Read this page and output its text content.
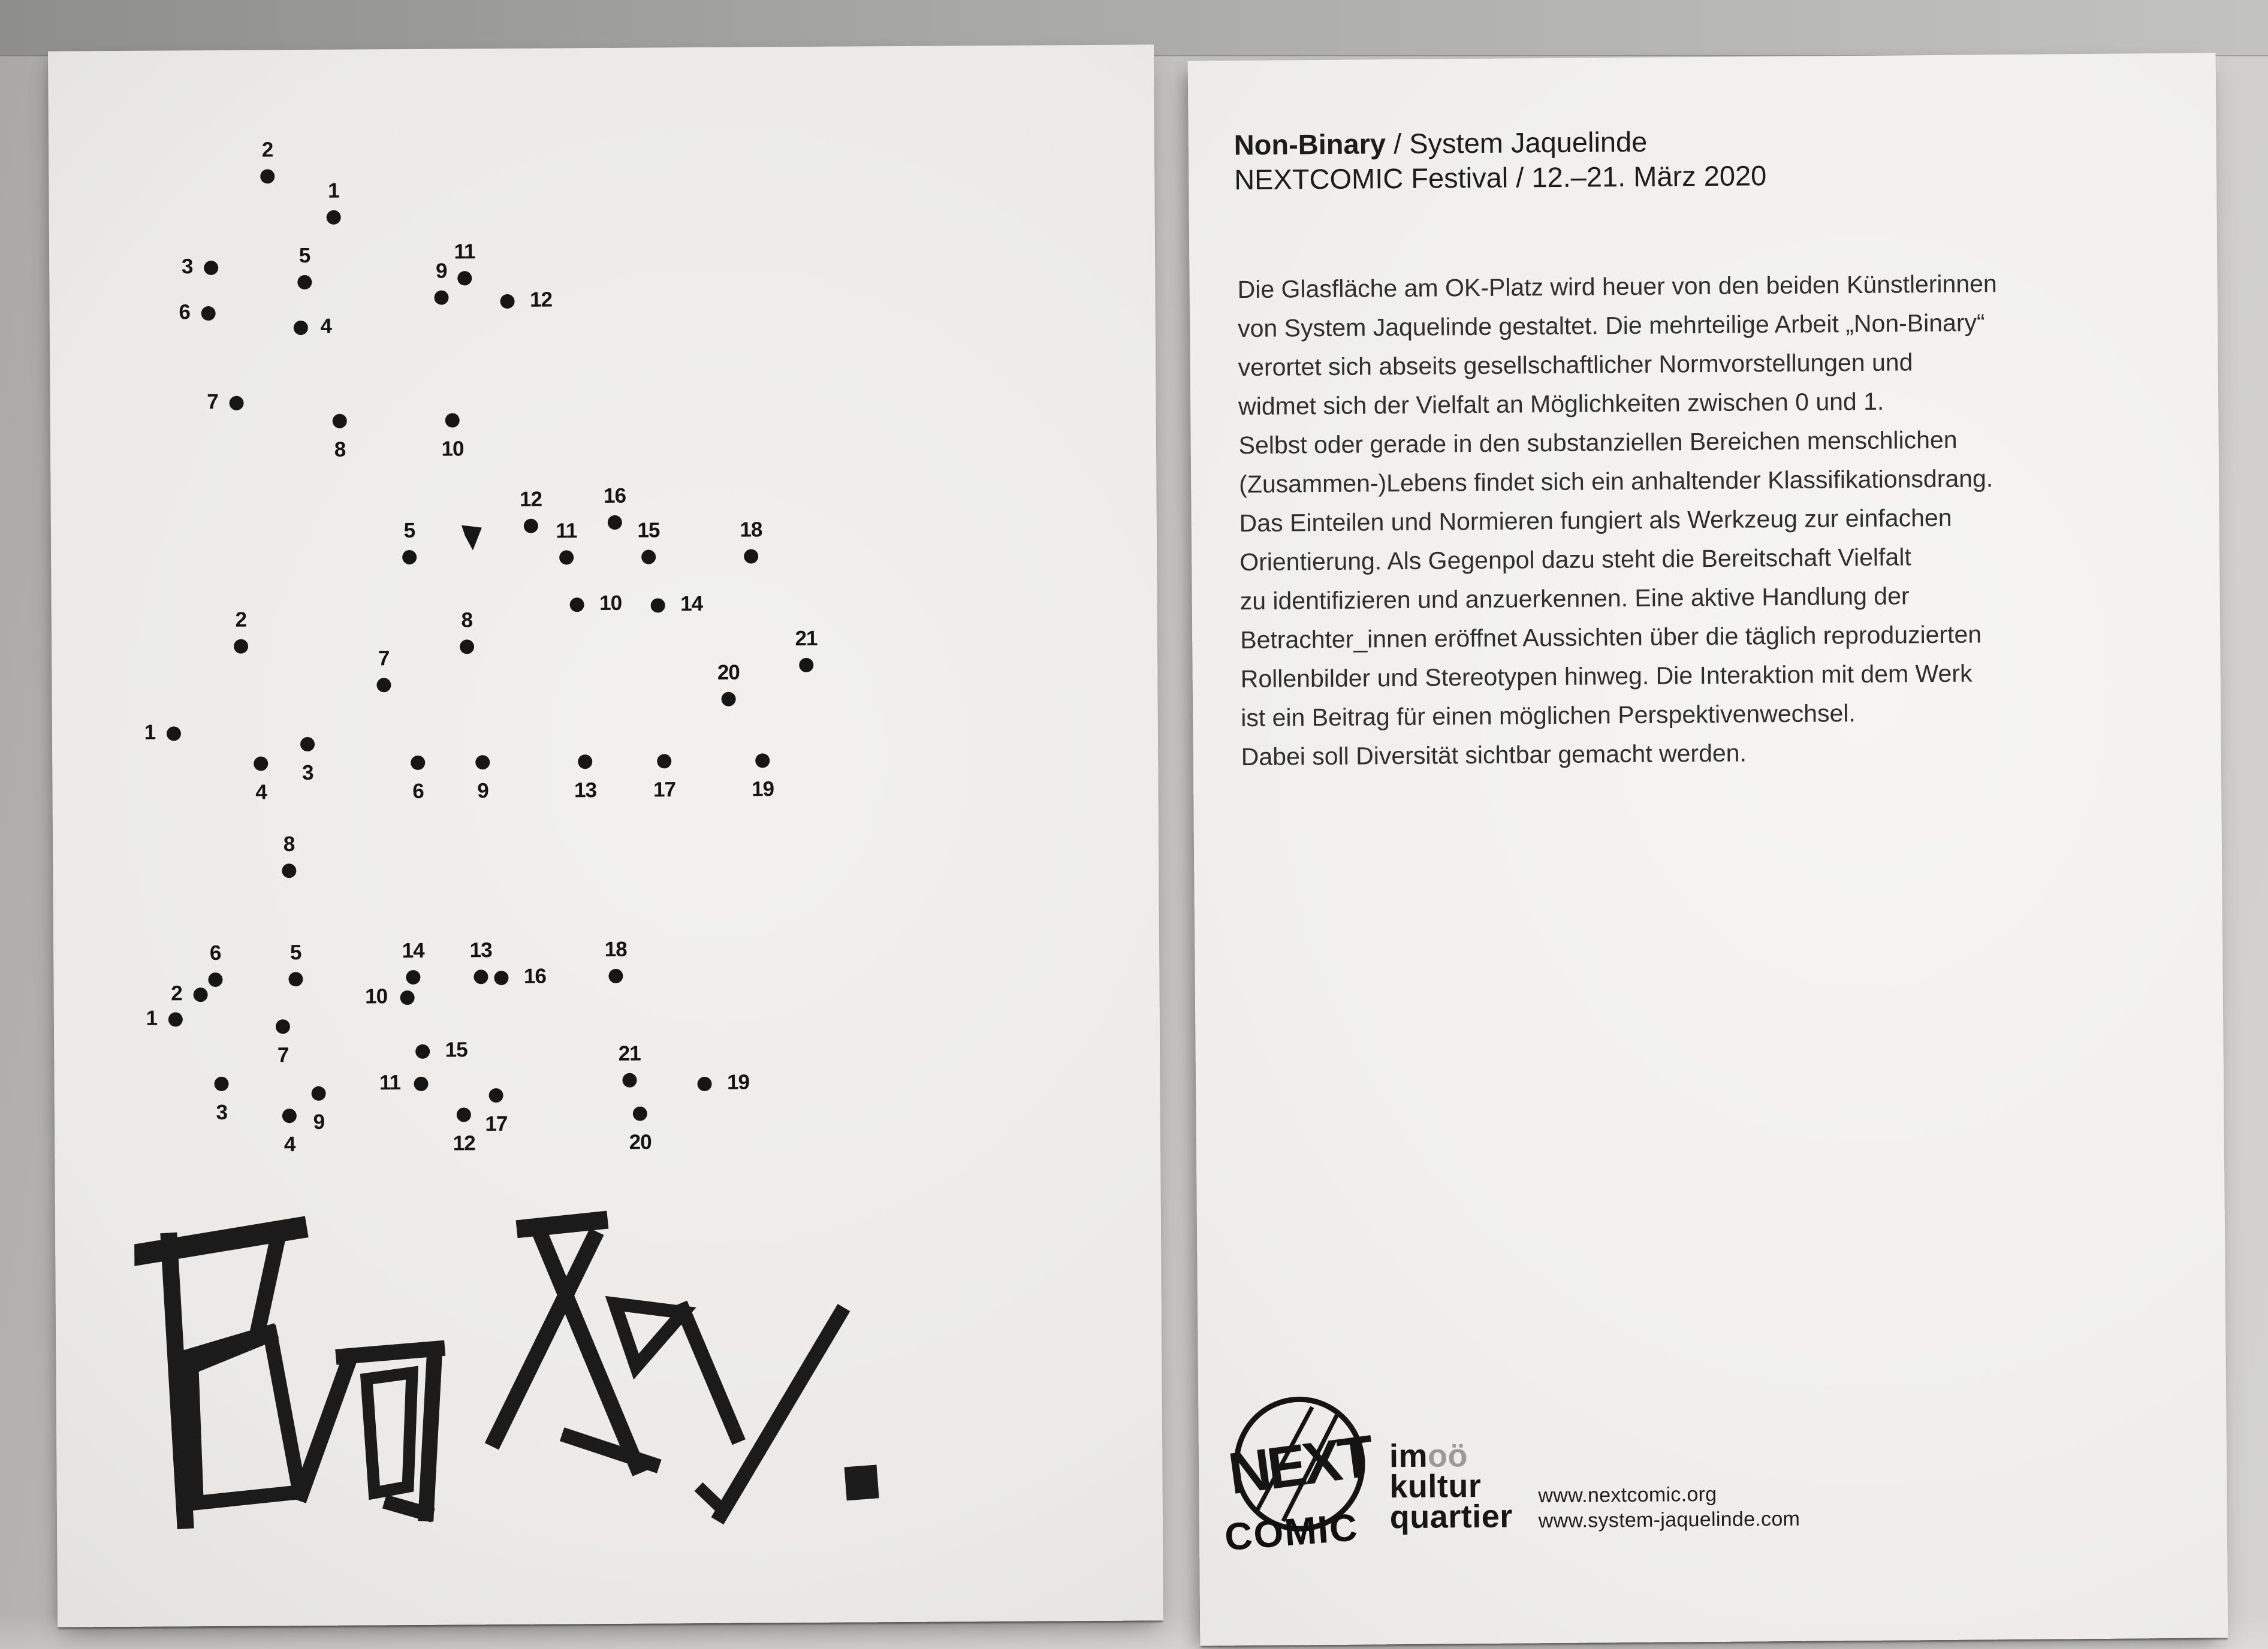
2
1
3	5	11
9
12
6
4
7
8	10
12	16
5	11	15	18
10	14
2	8
21
7
20
1
3
4	6	9	13	17	19
8
6
2
5	14 13
16
18
10
1
7	15	21
11	19
3	9	17
4	12	20
Non-Binary / System Jaquelinde
NEXTCOMIC Festival / 12.–21. März 2020
Die Glasfläche am OK-Platz wird heuer von den beiden Künstlerinnen
von System Jaquelinde gestaltet. Die mehrteilige Arbeit „Non-Binary“
verortet sich abseits gesellschaftlicher Normvorstellungen und
widmet sich der Vielfalt an Möglichkeiten zwischen 0 und 1.
Selbst oder gerade in den substanziellen Bereichen menschlichen
(Zusammen-)Lebens findet sich ein anhaltender Klassifikationsdrang.
Das Einteilen und Normieren fungiert als Werkzeug zur einfachen
Orientierung. Als Gegenpol dazu steht die Bereitschaft Vielfalt
zu identifizieren und anzuerkennen. Eine aktive Handlung der
Betrachter_innen eröffnet Aussichten über die täglich reproduzierten
Rollenbilder und Stereotypen hinweg. Die Interaktion mit dem Werk
ist ein Beitrag für einen möglichen Perspektivenwechsel.
Dabei soll Diversität sichtbar gemacht werden.
NEXT
COMIC
imoö
kultur
quartier
www.nextcomic.org
www.system-jaquelinde.com
